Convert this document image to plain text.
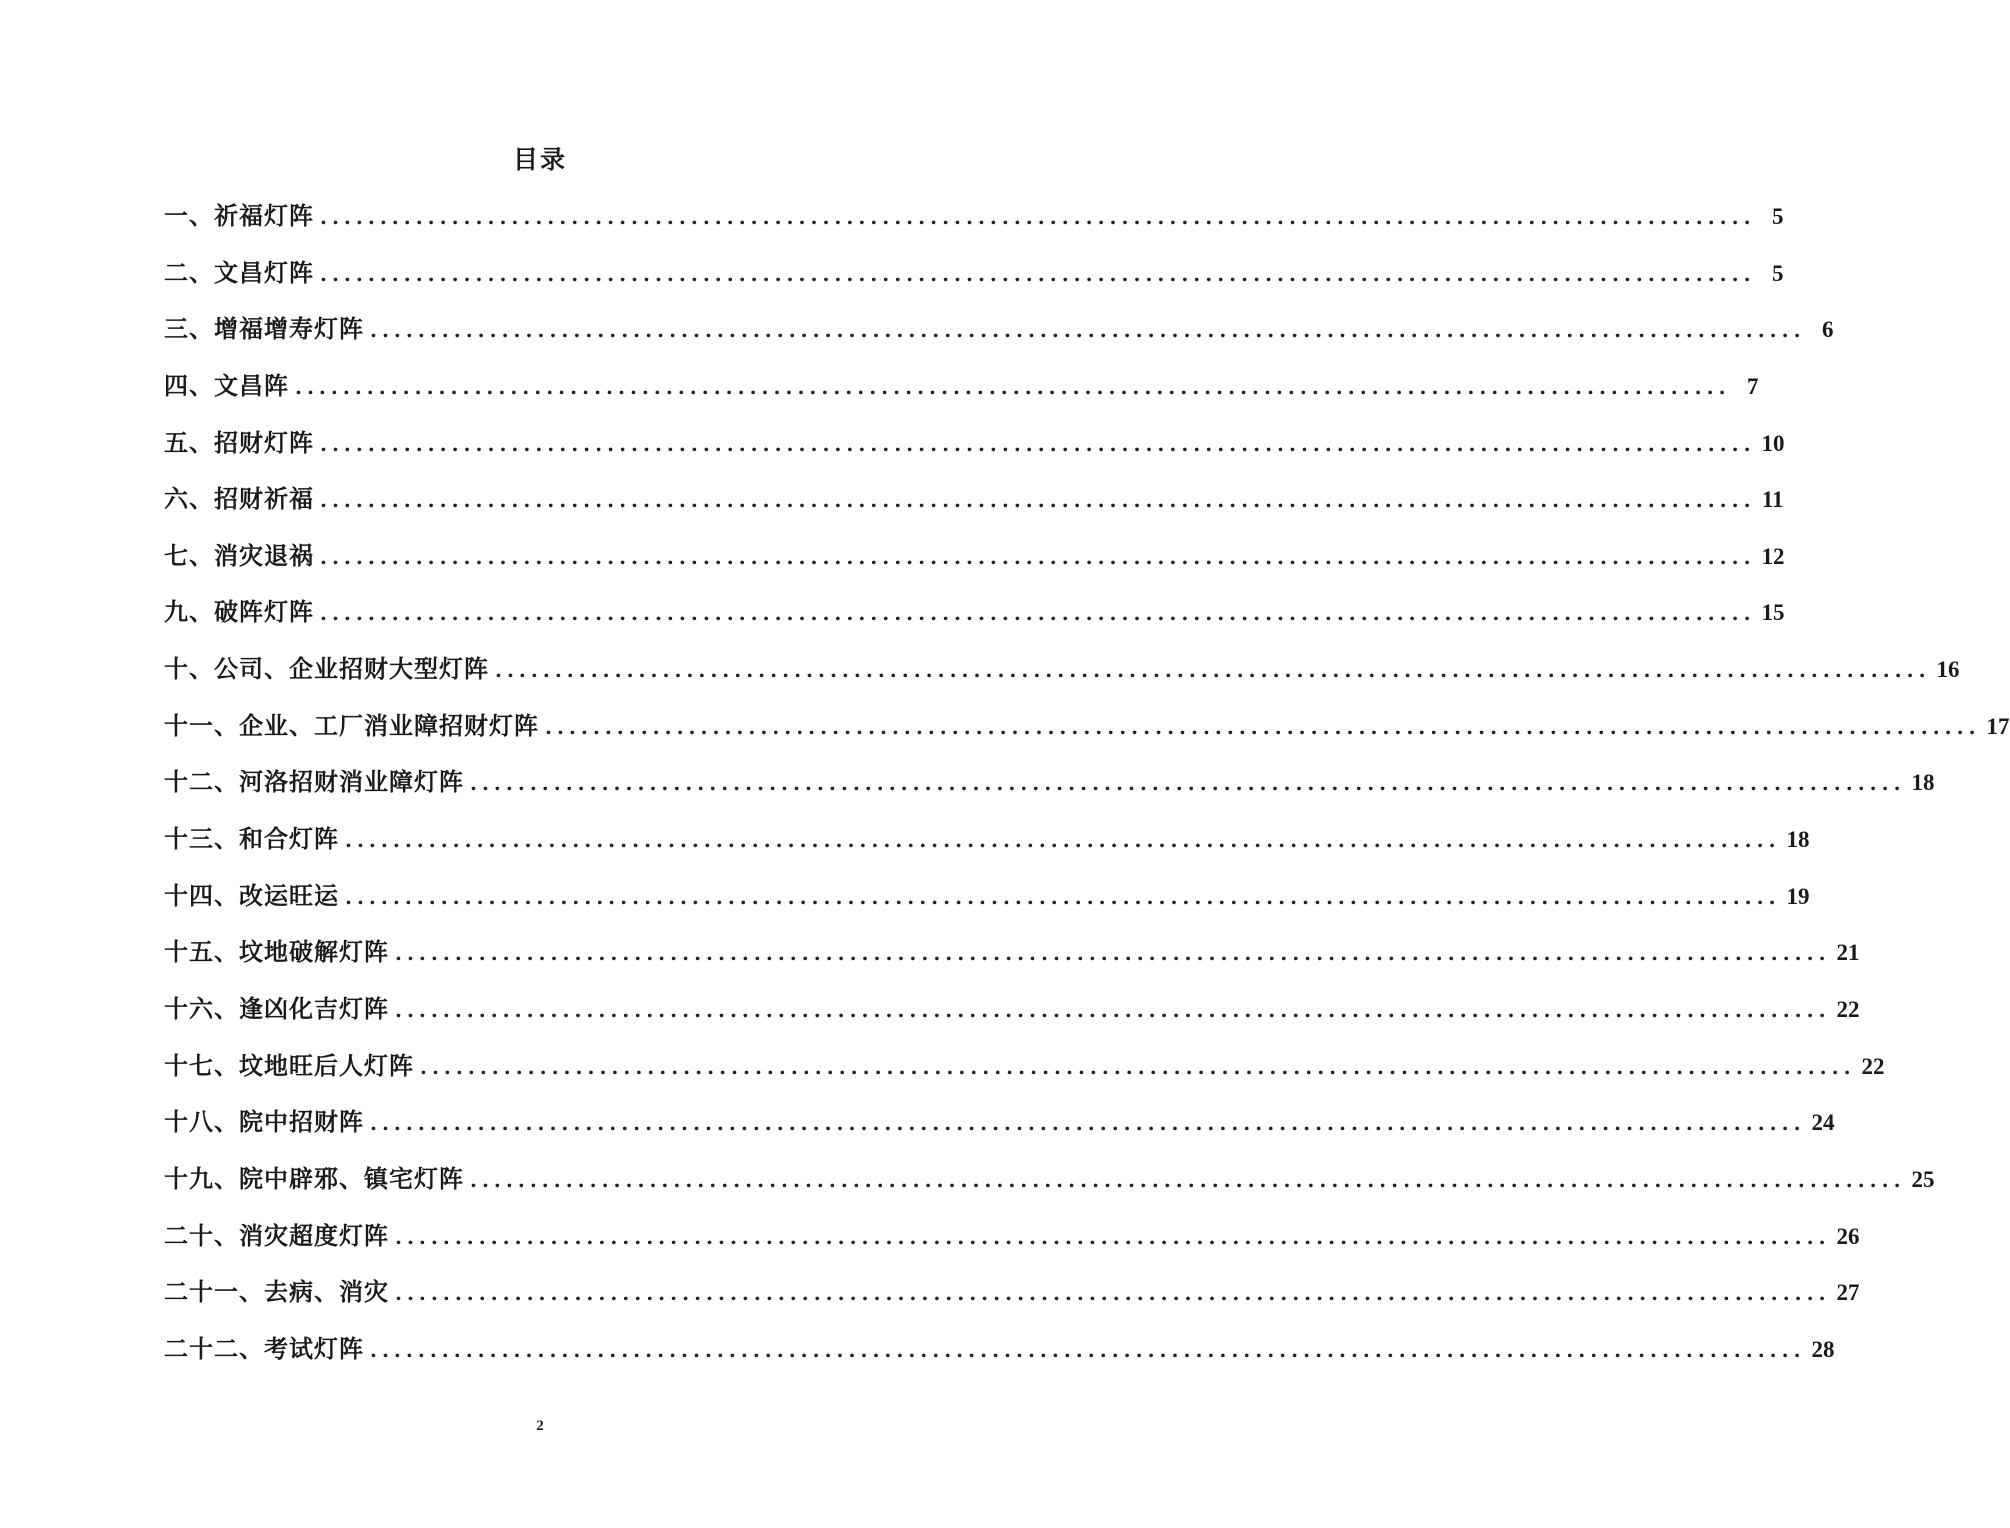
目录
一、祈福灯阵 ........................................................................................................................ 5
二、文昌灯阵 ........................................................................................................................ 5
三、增福增寿灯阵 ........................................................................................................................ 6
四、文昌阵 ........................................................................................................................ 7
五、招财灯阵 ........................................................................................................................ 10
六、招财祈福 ........................................................................................................................ 11
七、消灾退祸 ........................................................................................................................ 12
九、破阵灯阵 ........................................................................................................................ 15
十、公司、企业招财大型灯阵 ........................................................................................................................ 16
十一、企业、工厂消业障招财灯阵 ........................................................................................................................ 17
十二、河洛招财消业障灯阵 ........................................................................................................................ 18
十三、和合灯阵 ........................................................................................................................ 18
十四、改运旺运 ........................................................................................................................ 19
十五、坟地破解灯阵 ........................................................................................................................ 21
十六、逢凶化吉灯阵 ........................................................................................................................ 22
十七、坟地旺后人灯阵 ........................................................................................................................ 22
十八、院中招财阵 ........................................................................................................................ 24
十九、院中辟邪、镇宅灯阵 ........................................................................................................................ 25
二十、消灾超度灯阵 ........................................................................................................................ 26
二十一、去病、消灾 ........................................................................................................................ 27
二十二、考试灯阵 ........................................................................................................................ 28
2
